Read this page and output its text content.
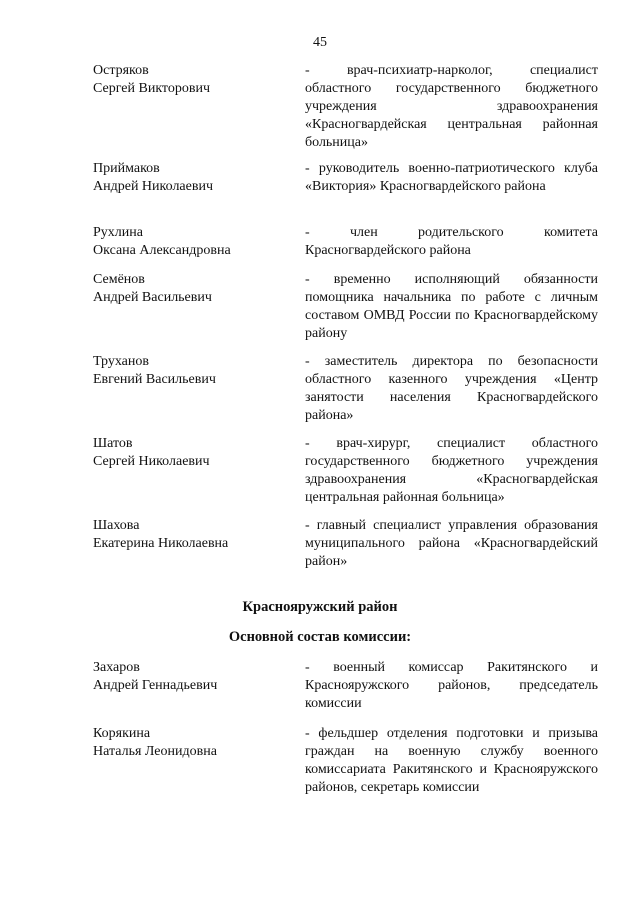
45
Остряков
Сергей Викторович
- врач-психиатр-нарколог, специалист областного государственного бюджетного учреждения здравоохранения «Красногвардейская центральная районная больница»
Приймаков
Андрей Николаевич
- руководитель военно-патриотического клуба «Виктория» Красногвардейского района
Рухлина
Оксана Александровна
- член родительского комитета Красногвардейского района
Семёнов
Андрей Васильевич
- временно исполняющий обязанности помощника начальника по работе с личным составом ОМВД России по Красногвардейскому району
Труханов
Евгений Васильевич
- заместитель директора по безопасности областного казенного учреждения «Центр занятости населения Красногвардейского района»
Шатов
Сергей Николаевич
- врач-хирург, специалист областного государственного бюджетного учреждения здравоохранения «Красногвардейская центральная районная больница»
Шахова
Екатерина Николаевна
- главный специалист управления образования муниципального района «Красногвардейский район»
Краснояружский район
Основной состав комиссии:
Захаров
Андрей Геннадьевич
- военный комиссар Ракитянского и Краснояружского районов, председатель комиссии
Корякина
Наталья Леонидовна
- фельдшер отделения подготовки и призыва граждан на военную службу военного комиссариата Ракитянского и Краснояружского районов, секретарь комиссии
